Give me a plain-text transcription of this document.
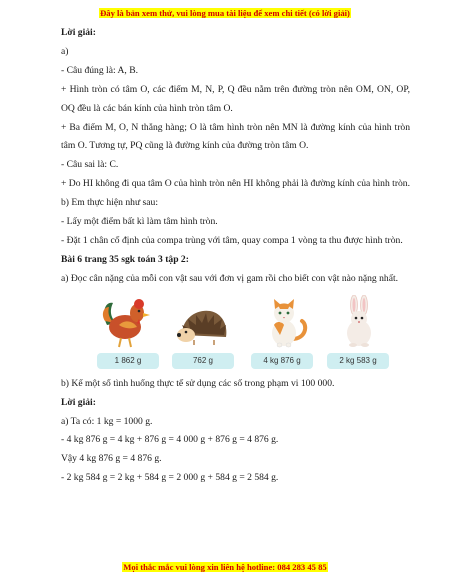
Đây là bản xem thử, vui lòng mua tài liệu để xem chi tiết (có lời giải)

Lời giải:

a)

- Câu đúng là: A, B.

+ Hình tròn có tâm O, các điểm M, N, P, Q đều nằm trên đường tròn nên OM, ON, OP, OQ đều là các bán kính của hình tròn tâm O.

+ Ba điểm M, O, N thẳng hàng; O là tâm hình tròn nên MN là đường kính của hình tròn tâm O. Tương tự, PQ cũng là đường kính của đường tròn tâm O.

- Câu sai là: C.

+ Do HI không đi qua tâm O của hình tròn nên HI không phải là đường kính của hình tròn.

b) Em thực hiện như sau:

- Lấy một điểm bất kì làm tâm hình tròn.

- Đặt 1 chân cố định của compa trùng với tâm, quay compa 1 vòng ta thu được hình tròn.

Bài 6 trang 35 sgk toán 3 tập 2:

a) Đọc cân nặng của mỗi con vật sau với đơn vị gam rồi cho biết con vật nào nặng nhất.

1 862 g	762 g	4 kg 876 g	2 kg 583 g

b) Kể một số tình huống thực tế sử dụng các số trong phạm vi 100 000.

Lời giải:

a) Ta có: 1 kg = 1000 g.

- 4 kg 876 g = 4 kg + 876 g = 4 000 g + 876 g = 4 876 g.

Vậy 4 kg 876 g = 4 876 g.

- 2 kg 584 g = 2 kg + 584 g = 2 000 g + 584 g = 2 584 g.

Mọi thắc mắc vui lòng xin liên hệ hotline: 084 283 45 85
